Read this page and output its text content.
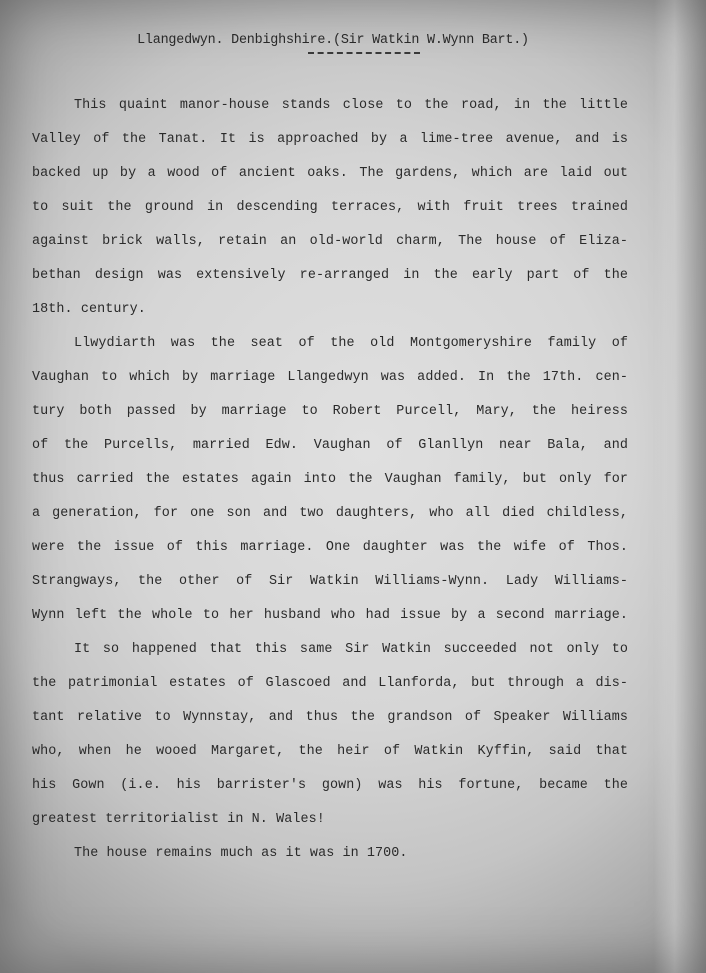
Llangedwyn. Denbighshire.(Sir Watkin W.Wynn Bart.)
This quaint manor-house stands close to the road, in the little
Valley of the Tanat. It is approached by a lime-tree avenue, and is
backed up by a wood of ancient oaks. The gardens, which are laid out
to suit the ground in descending terraces, with fruit trees trained
against brick walls, retain an old-world charm, The house of Eliza-
bethan design was extensively re-arranged in the early part of the
18th. century.
Llwydiarth was the seat of the old Montgomeryshire family of
Vaughan to which by marriage Llangedwyn was added. In the 17th. cen-
tury both passed by marriage to Robert Purcell, Mary, the heiress
of the Purcells, married Edw. Vaughan of Glanllyn near Bala, and
thus carried the estates again into the Vaughan family, but only for
a generation, for one son and two daughters, who all died childless,
were the issue of this marriage. One daughter was the wife of Thos.
Strangways, the other of Sir Watkin Williams-Wynn. Lady Williams-
Wynn left the whole to her husband who had issue by a second marriage.
It so happened that this same Sir Watkin succeeded not only to
the patrimonial estates of Glascoed and Llanforda, but through a dis-
tant relative to Wynnstay, and thus the grandson of Speaker Williams
who, when he wooed Margaret, the heir of Watkin Kyffin, said that
his Gown (i.e. his barrister's gown) was his fortune, became the
greatest territorialist in N. Wales!
The house remains much as it was in 1700.
